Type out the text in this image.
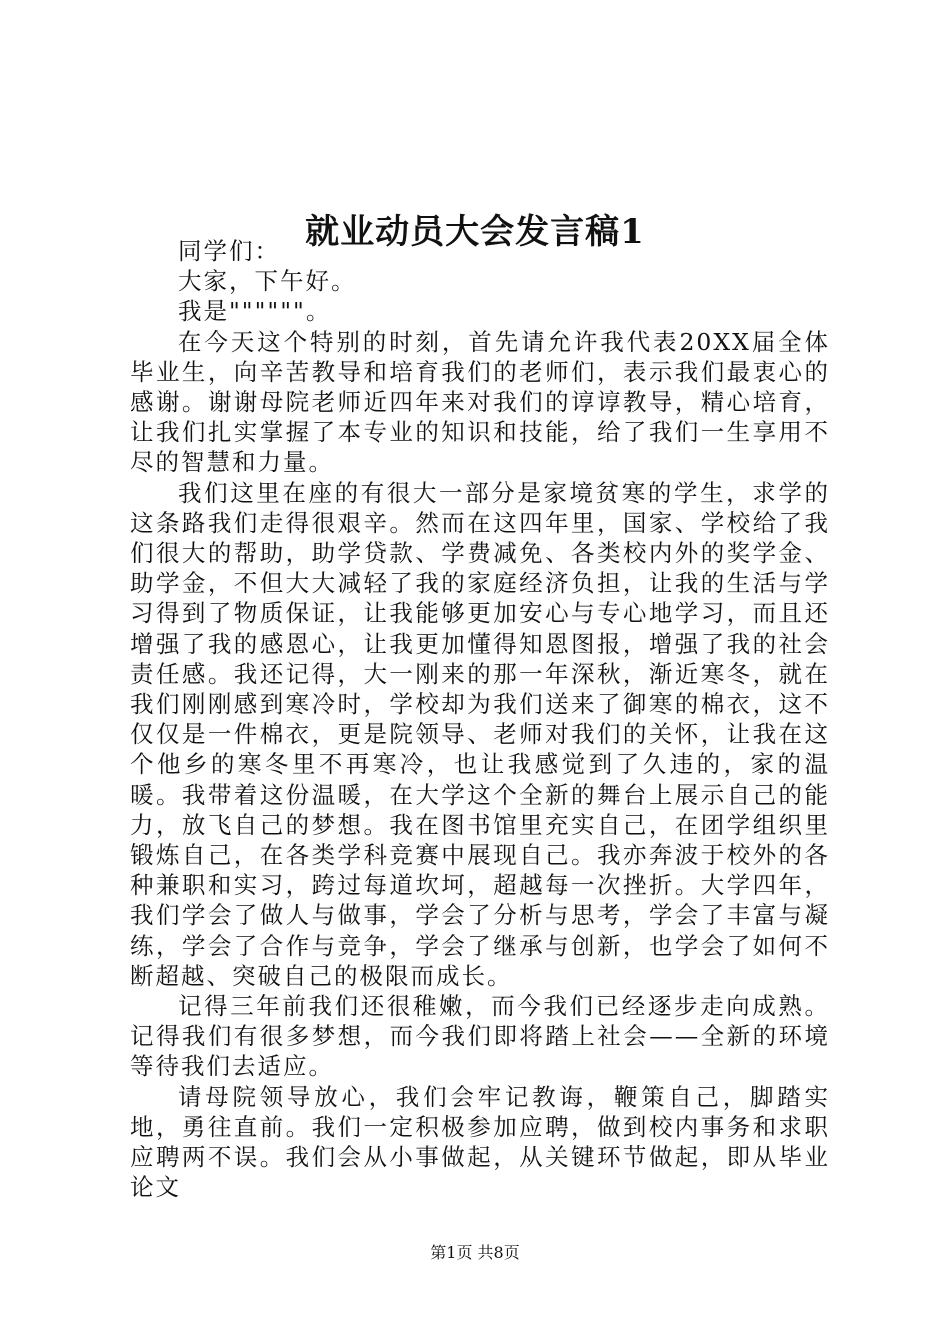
就业动员大会发言稿1

同学们：

大家，下午好。

我是""""""。

在今天这个特别的时刻，首先请允许我代表20XX届全体毕业生，向辛苦教导和培育我们的老师们，表示我们最衷心的感谢。谢谢母院老师近四年来对我们的谆谆教导，精心培育，让我们扎实掌握了本专业的知识和技能，给了我们一生享用不尽的智慧和力量。

我们这里在座的有很大一部分是家境贫寒的学生，求学的这条路我们走得很艰辛。然而在这四年里，国家、学校给了我们很大的帮助，助学贷款、学费减免、各类校内外的奖学金、助学金，不但大大减轻了我的家庭经济负担，让我的生活与学习得到了物质保证，让我能够更加安心与专心地学习，而且还增强了我的感恩心，让我更加懂得知恩图报，增强了我的社会责任感。我还记得，大一刚来的那一年深秋，渐近寒冬，就在我们刚刚感到寒冷时，学校却为我们送来了御寒的棉衣，这不仅仅是一件棉衣，更是院领导、老师对我们的关怀，让我在这个他乡的寒冬里不再寒冷，也让我感觉到了久违的，家的温暖。我带着这份温暖，在大学这个全新的舞台上展示自己的能力，放飞自己的梦想。我在图书馆里充实自己，在团学组织里锻炼自己，在各类学科竞赛中展现自己。我亦奔波于校外的各种兼职和实习，跨过每道坎坷，超越每一次挫折。大学四年，我们学会了做人与做事，学会了分析与思考，学会了丰富与凝练，学会了合作与竞争，学会了继承与创新，也学会了如何不断超越、突破自己的极限而成长。

记得三年前我们还很稚嫩，而今我们已经逐步走向成熟。记得我们有很多梦想，而今我们即将踏上社会——全新的环境等待我们去适应。

请母院领导放心，我们会牢记教诲，鞭策自己，脚踏实地，勇往直前。我们一定积极参加应聘，做到校内事务和求职应聘两不误。我们会从小事做起，从关键环节做起，即从毕业论文

第1页 共8页
